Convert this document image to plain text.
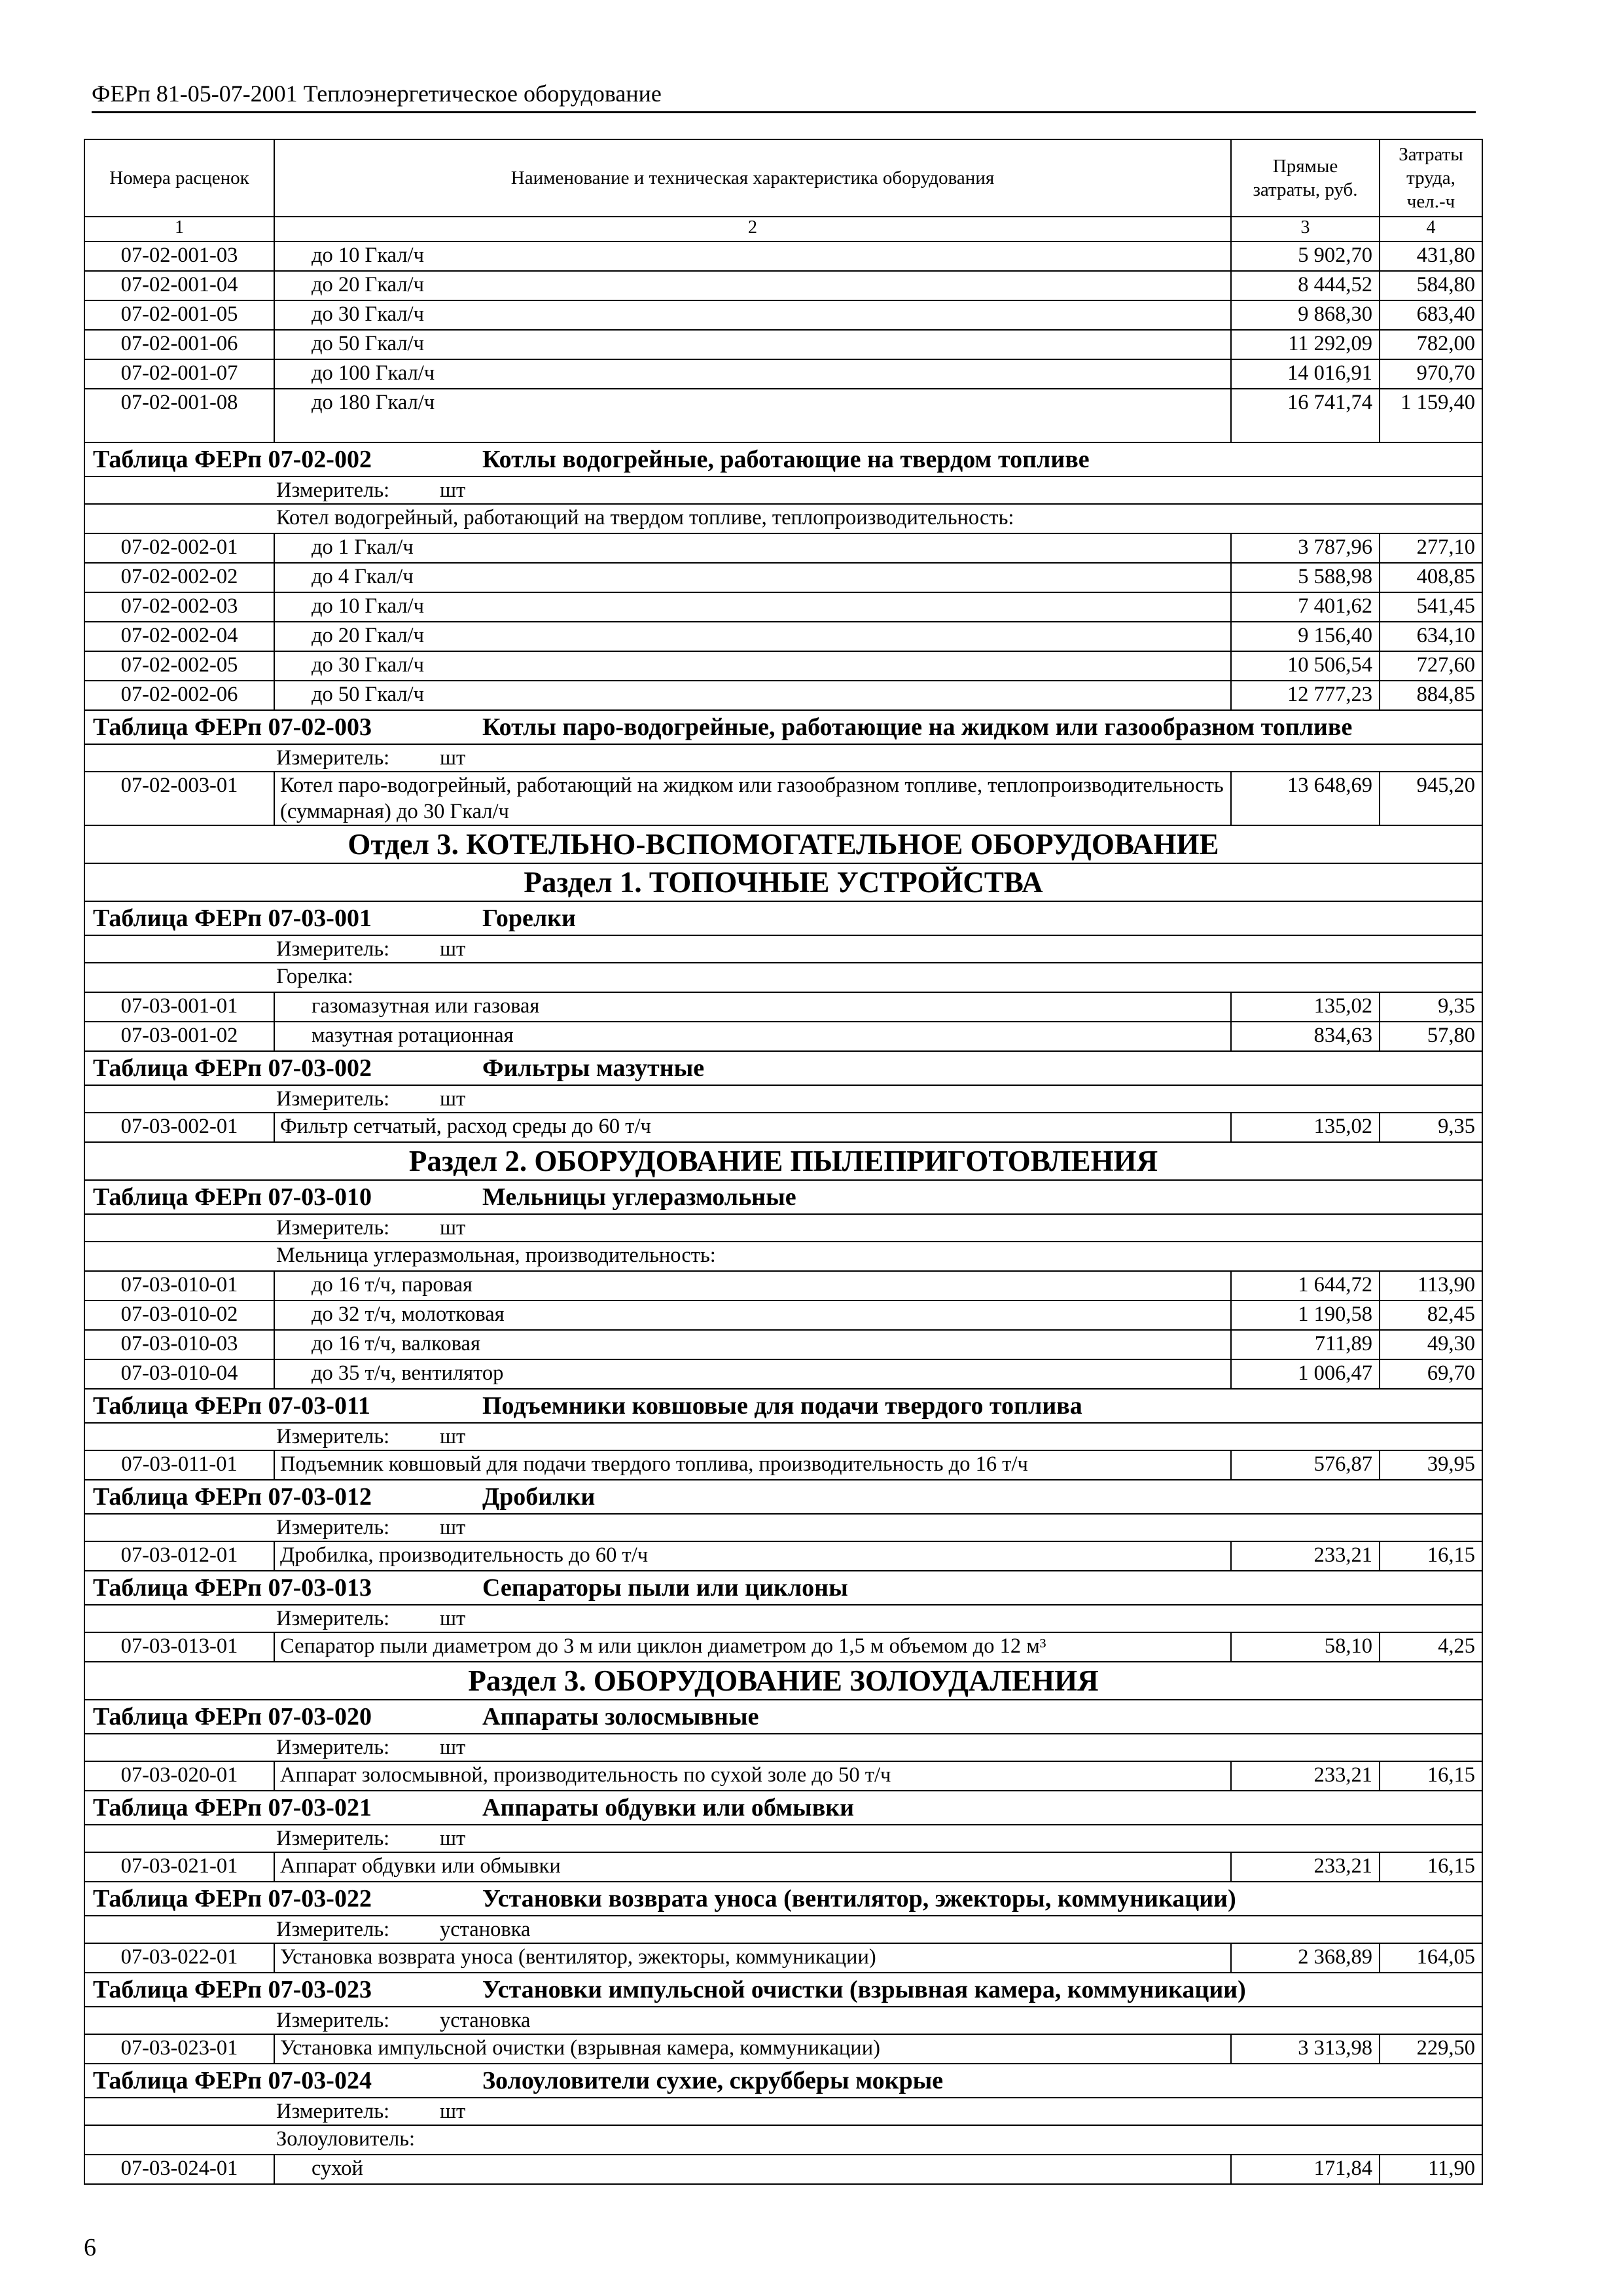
ФЕРп 81-05-07-2001 Теплоэнергетическое оборудование
Номера расценок	Наименование и техническая характеристика оборудования	Прямые затраты, руб.	Затраты труда, чел.-ч
1	2	3	4
07-02-001-03	до 10 Гкал/ч	5 902,70	431,80
07-02-001-04	до 20 Гкал/ч	8 444,52	584,80
07-02-001-05	до 30 Гкал/ч	9 868,30	683,40
07-02-001-06	до 50 Гкал/ч	11 292,09	782,00
07-02-001-07	до 100 Гкал/ч	14 016,91	970,70
07-02-001-08	до 180 Гкал/ч	16 741,74	1 159,40
Таблица ФЕРп 07-02-002 Котлы водогрейные, работающие на твердом топливе			
Измеритель: шт			
Котел водогрейный, работающий на твердом топливе, теплопроизводительность:			
07-02-002-01	до 1 Гкал/ч	3 787,96	277,10
07-02-002-02	до 4 Гкал/ч	5 588,98	408,85
07-02-002-03	до 10 Гкал/ч	7 401,62	541,45
07-02-002-04	до 20 Гкал/ч	9 156,40	634,10
07-02-002-05	до 30 Гкал/ч	10 506,54	727,60
07-02-002-06	до 50 Гкал/ч	12 777,23	884,85
Таблица ФЕРп 07-02-003 Котлы паро-водогрейные, работающие на жидком или газообразном топливе			
Измеритель: шт			
07-02-003-01	Котел паро-водогрейный, работающий на жидком или газообразном топливе, теплопроизводительность (суммарная) до 30 Гкал/ч	13 648,69	945,20
Отдел 3. КОТЕЛЬНО-ВСПОМОГАТЕЛЬНОЕ ОБОРУДОВАНИЕ			
Раздел 1. ТОПОЧНЫЕ УСТРОЙСТВА			
Таблица ФЕРп 07-03-001 Горелки			
Измеритель: шт			
Горелка:			
07-03-001-01	газомазутная или газовая	135,02	9,35
07-03-001-02	мазутная ротационная	834,63	57,80
Таблица ФЕРп 07-03-002 Фильтры мазутные			
Измеритель: шт			
07-03-002-01	Фильтр сетчатый, расход среды до 60 т/ч	135,02	9,35
Раздел 2. ОБОРУДОВАНИЕ ПЫЛЕПРИГОТОВЛЕНИЯ			
Таблица ФЕРп 07-03-010 Мельницы углеразмольные			
Измеритель: шт			
Мельница углеразмольная, производительность:			
07-03-010-01	до 16 т/ч, паровая	1 644,72	113,90
07-03-010-02	до 32 т/ч, молотковая	1 190,58	82,45
07-03-010-03	до 16 т/ч, валковая	711,89	49,30
07-03-010-04	до 35 т/ч, вентилятор	1 006,47	69,70
Таблица ФЕРп 07-03-011 Подъемники ковшовые для подачи твердого топлива			
Измеритель: шт			
07-03-011-01	Подъемник ковшовый для подачи твердого топлива, производительность до 16 т/ч	576,87	39,95
Таблица ФЕРп 07-03-012 Дробилки			
Измеритель: шт			
07-03-012-01	Дробилка, производительность до 60 т/ч	233,21	16,15
Таблица ФЕРп 07-03-013 Сепараторы пыли или циклоны			
Измеритель: шт			
07-03-013-01	Сепаратор пыли диаметром до 3 м или циклон диаметром до 1,5 м объемом до 12 м³	58,10	4,25
Раздел 3. ОБОРУДОВАНИЕ ЗОЛОУДАЛЕНИЯ			
Таблица ФЕРп 07-03-020 Аппараты золосмывные			
Измеритель: шт			
07-03-020-01	Аппарат золосмывной, производительность по сухой золе до 50 т/ч	233,21	16,15
Таблица ФЕРп 07-03-021 Аппараты обдувки или обмывки			
Измеритель: шт			
07-03-021-01	Аппарат обдувки или обмывки	233,21	16,15
Таблица ФЕРп 07-03-022 Установки возврата уноса (вентилятор, эжекторы, коммуникации)			
Измеритель: установка			
07-03-022-01	Установка возврата уноса (вентилятор, эжекторы, коммуникации)	2 368,89	164,05
Таблица ФЕРп 07-03-023 Установки импульсной очистки (взрывная камера, коммуникации)			
Измеритель: установка			
07-03-023-01	Установка импульсной очистки (взрывная камера, коммуникации)	3 313,98	229,50
Таблица ФЕРп 07-03-024 Золоуловители сухие, скрубберы мокрые			
Измеритель: шт			
Золоуловитель:			
07-03-024-01	сухой	171,84	11,90
6
